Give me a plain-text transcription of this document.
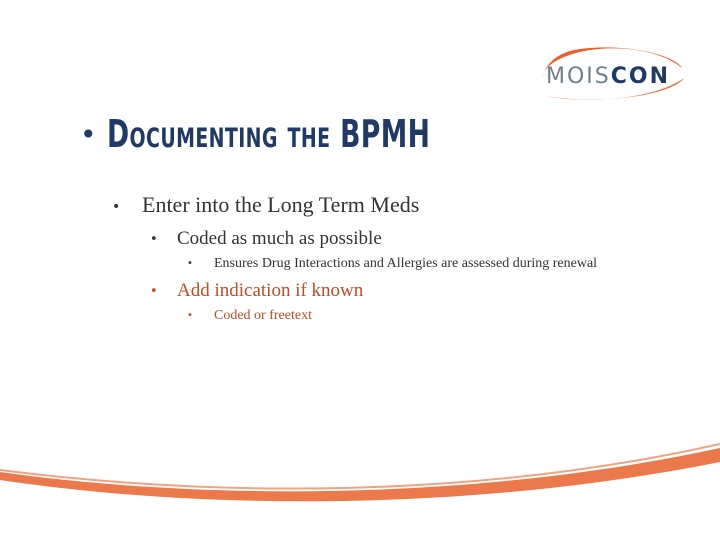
MOISCON
• Documenting the BPMH
• Enter into the Long Term Meds
• Coded as much as possible
• Ensures Drug Interactions and Allergies are assessed during renewal
• Add indication if known
• Coded or freetext
